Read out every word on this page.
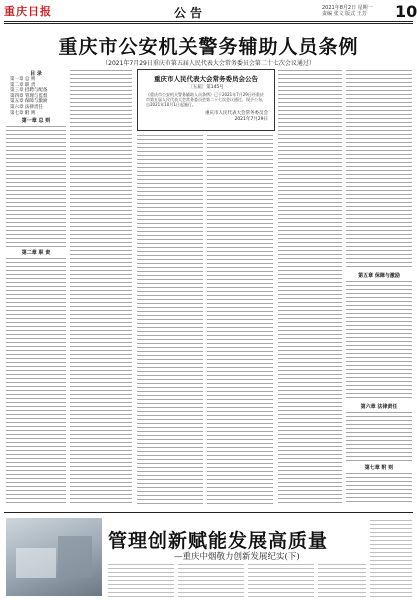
重庆日报	公告	2021年8月2日 星期一
责编 张文 版式 王芳	10
重庆市公安机关警务辅助人员条例
（2021年7月29日重庆市第五届人民代表大会常务委员会第二十七次会议通过）
目 录
第一章 总 则
第二章 职 责
第三章 招聘与配备
第四章 管理与监督
第五章 保障与激励
第六章 法律责任
第七章 附 则
第一章 总 则
第二章 职 责
重庆市人民代表大会常务委员会公告
〔五届〕第145号
《重庆市公安机关警务辅助人员条例》已于2021年7月29日经重庆市第五届人民代表大会常务委员会第二十七次会议通过，现予公布，自2021年10月1日起施行。
重庆市人民代表大会常务委员会
2021年7月29日
第五章 保障与激励
第六章 法律责任
第七章 附 则
管理创新赋能发展高质量
—重庆中烟敬力创新发展纪实(下)
